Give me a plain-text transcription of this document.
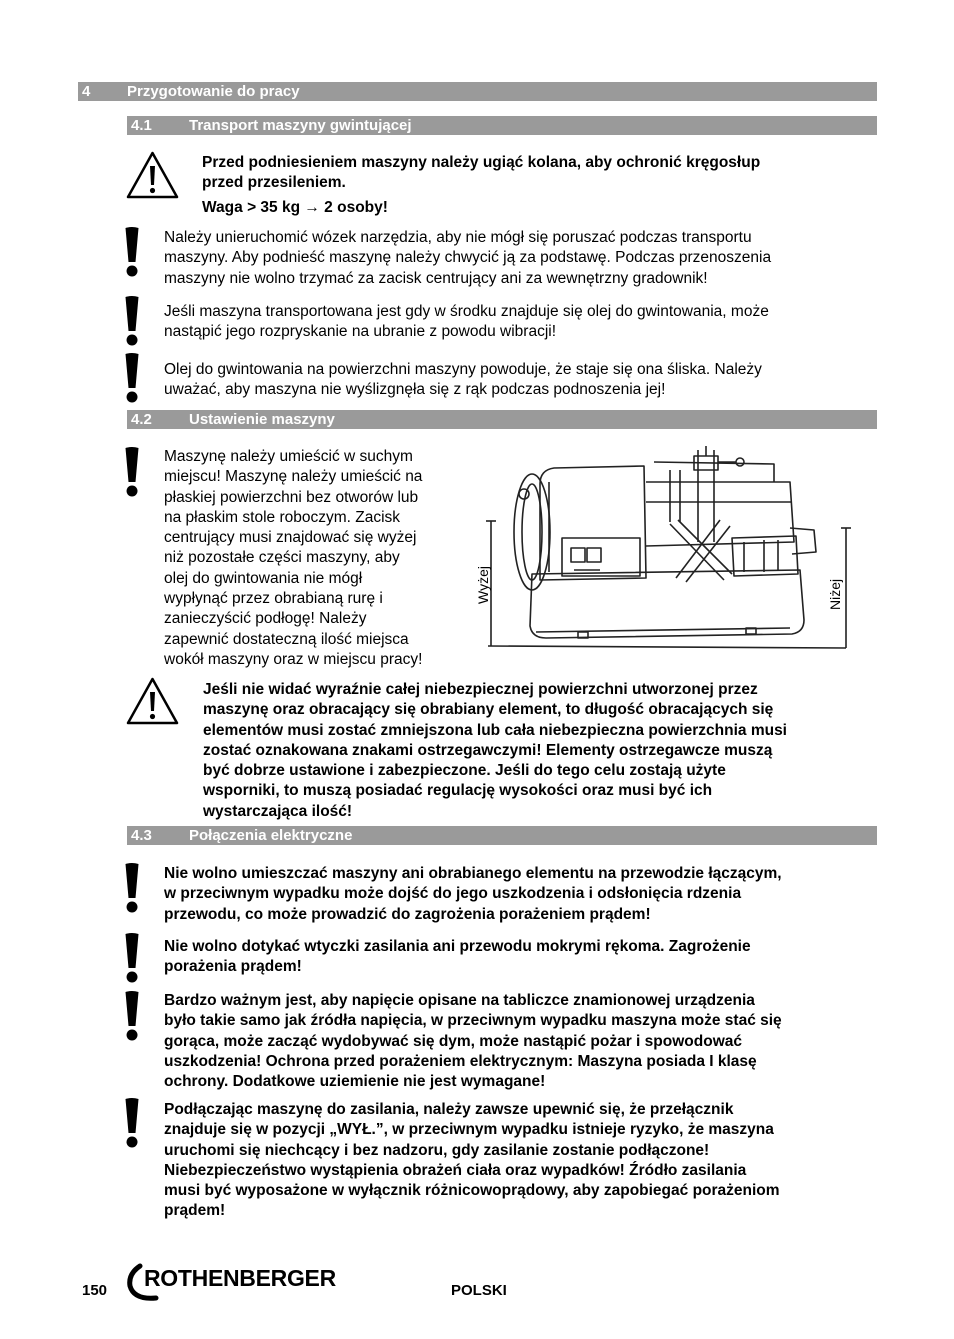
4 Przygotowanie do pracy
4.1 Transport maszyny gwintującej
Przed podniesieniem maszyny należy ugiąć kolana, aby ochronić kręgosłup
przed przesileniem.
Waga > 35 kg → 2 osoby!
Należy unieruchomić wózek narzędzia, aby nie mógł się poruszać podczas transportu
maszyny. Aby podnieść maszynę należy chwycić ją za podstawę. Podczas przenoszenia
maszyny nie wolno trzymać za zacisk centrujący ani za wewnętrzny gradownik!
Jeśli maszyna transportowana jest gdy w środku znajduje się olej do gwintowania, może
nastąpić jego rozpryskanie na ubranie z powodu wibracji!
Olej do gwintowania na powierzchni maszyny powoduje, że staje się ona śliska. Należy
uważać, aby maszyna nie wyślizgnęła się z rąk podczas podnoszenia jej!
4.2 Ustawienie maszyny
Maszynę należy umieścić w suchym
miejscu! Maszynę należy umieścić na
płaskiej powierzchni bez otworów lub
na płaskim stole roboczym. Zacisk
centrujący musi znajdować się wyżej
niż pozostałe części maszyny, aby
olej do gwintowania nie mógł
wypłynąć przez obrabianą rurę i
zanieczyścić podłogę! Należy
zapewnić dostateczną ilość miejsca
wokół maszyny oraz w miejscu pracy!
Wyżej	Niżej
Jeśli nie widać wyraźnie całej niebezpiecznej powierzchni utworzonej przez
maszynę oraz obracający się obrabiany element, to długość obracających się
elementów musi zostać zmniejszona lub cała niebezpieczna powierzchnia musi
zostać oznakowana znakami ostrzegawczymi! Elementy ostrzegawcze muszą
być dobrze ustawione i zabezpieczone. Jeśli do tego celu zostają użyte
wsporniki, to muszą posiadać regulację wysokości oraz musi być ich
wystarczająca ilość!
4.3 Połączenia elektryczne
Nie wolno umieszczać maszyny ani obrabianego elementu na przewodzie łączącym,
w przeciwnym wypadku może dojść do jego uszkodzenia i odsłonięcia rdzenia
przewodu, co może prowadzić do zagrożenia porażeniem prądem!
Nie wolno dotykać wtyczki zasilania ani przewodu mokrymi rękoma. Zagrożenie
porażenia prądem!
Bardzo ważnym jest, aby napięcie opisane na tabliczce znamionowej urządzenia
było takie samo jak źródła napięcia, w przeciwnym wypadku maszyna może stać się
gorąca, może zacząć wydobywać się dym, może nastąpić pożar i spowodować
uszkodzenia! Ochrona przed porażeniem elektrycznym: Maszyna posiada I klasę
ochrony. Dodatkowe uziemienie nie jest wymagane!
Podłączając maszynę do zasilania, należy zawsze upewnić się, że przełącznik
znajduje się w pozycji „WYŁ.”, w przeciwnym wypadku istnieje ryzyko, że maszyna
uruchomi się niechcący i bez nadzoru, gdy zasilanie zostanie podłączone!
Niebezpieczeństwo wystąpienia obrażeń ciała oraz wypadków! Źródło zasilania
musi być wyposażone w wyłącznik różnicowoprądowy, aby zapobiegać porażeniom
prądem!
150 ROTHENBERGER	POLSKI
